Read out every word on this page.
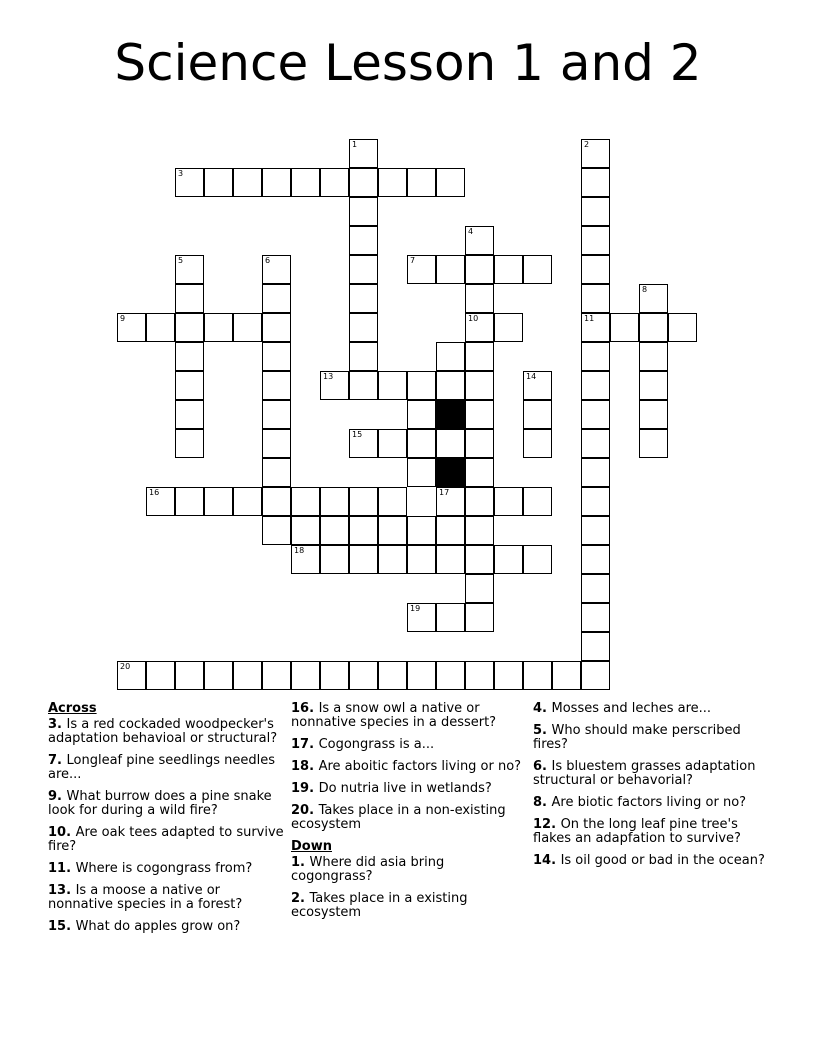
Science Lesson 1 and 2
1	2
3
4
5	6	7
8
9	10	11
13	14
15
16	17
18
19
20
Across
3. Is a red cockaded woodpecker's adaptation behavioal or structural?
7. Longleaf pine seedlings needles are...
9. What burrow does a pine snake look for during a wild fire?
10. Are oak tees adapted to survive fire?
11. Where is cogongrass from?
13. Is a moose a native or nonnative species in a forest?
15. What do apples grow on?
16. Is a snow owl a native or nonnative species in a dessert?
17. Cogongrass is a...
18. Are aboitic factors living or no?
19. Do nutria live in wetlands?
20. Takes place in a non-existing ecosystem
Down
1. Where did asia bring cogongrass?
2. Takes place in a existing ecosystem
4. Mosses and leches are...
5. Who should make perscribed fires?
6. Is bluestem grasses adaptation structural or behavorial?
8. Are biotic factors living or no?
12. On the long leaf pine tree's flakes an adapfation to survive?
14. Is oil good or bad in the ocean?
